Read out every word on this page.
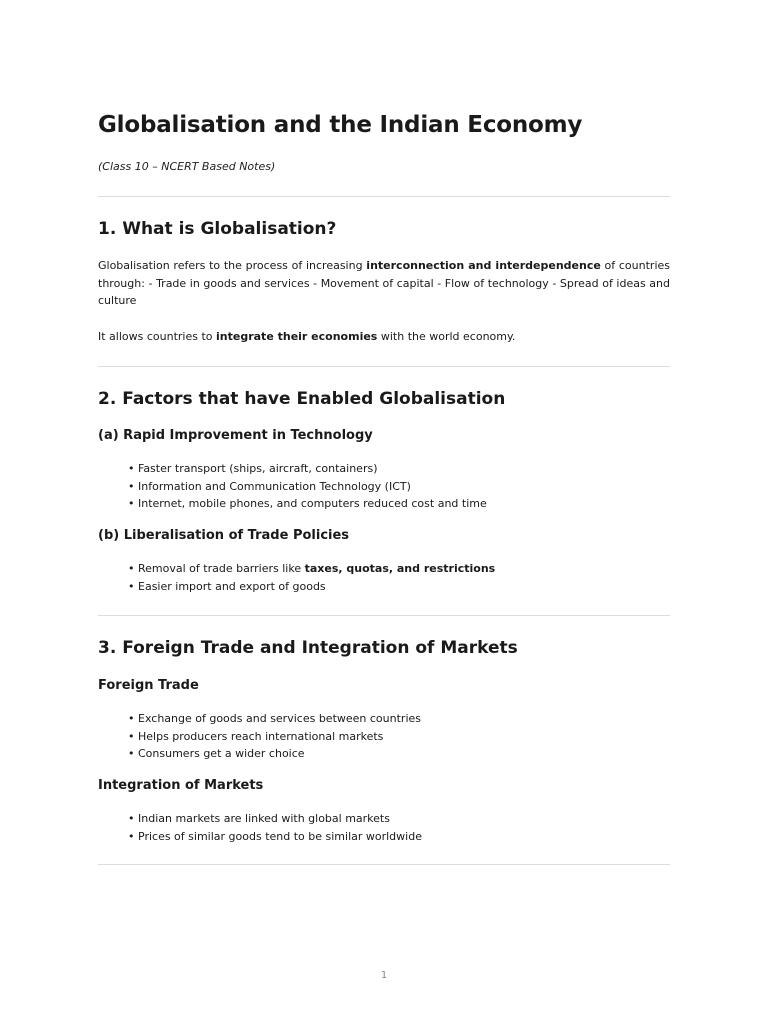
Globalisation and the Indian Economy
(Class 10 – NCERT Based Notes)
1. What is Globalisation?

Globalisation refers to the process of increasing interconnection and interdependence of countries through: - Trade in goods and services - Movement of capital - Flow of technology - Spread of ideas and culture

It allows countries to integrate their economies with the world economy.

2. Factors that have Enabled Globalisation
(a) Rapid Improvement in Technology
• Faster transport (ships, aircraft, containers)
• Information and Communication Technology (ICT)
• Internet, mobile phones, and computers reduced cost and time
(b) Liberalisation of Trade Policies
• Removal of trade barriers like taxes, quotas, and restrictions
• Easier import and export of goods
3. Foreign Trade and Integration of Markets
Foreign Trade
• Exchange of goods and services between countries
• Helps producers reach international markets
• Consumers get a wider choice
Integration of Markets
• Indian markets are linked with global markets
• Prices of similar goods tend to be similar worldwide
1
